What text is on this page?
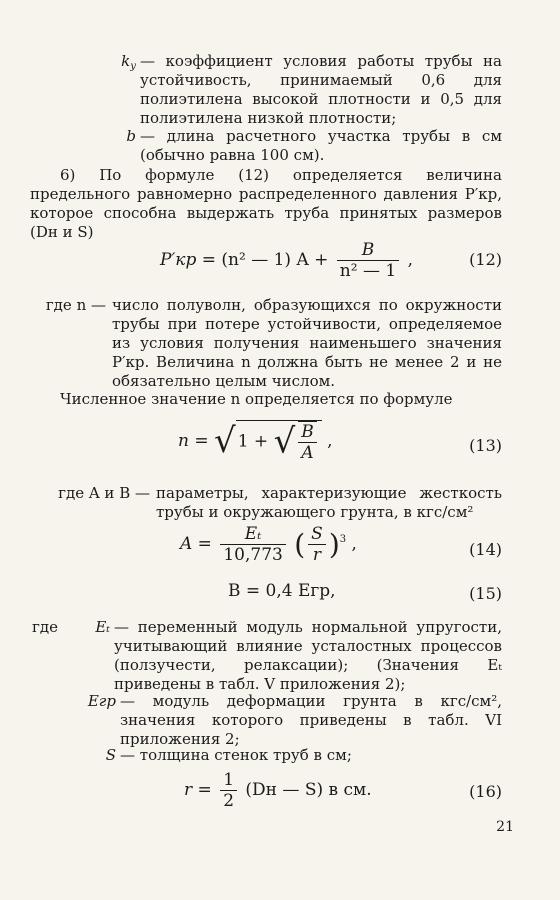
$k_у$ — коэффициент условия работы трубы на устойчивость, принимаемый 0,6 для полиэтилена высокой плотности и 0,5 для полиэтилена низкой плотности;
b — длина расчетного участка трубы в см (обычно равна 100 см).
6) По формуле (12) определяется величина предельного равномерно распределенного давления P′кр, которое способна выдержать труба принятых размеров (Dн и S)
P′кр = (n² — 1) $A + \frac{B}{\text{n² — 1}}$ ,	(12)
где n — число полуволн, образующихся по окружности трубы при потере устойчивости, определяемое из условия получения наименьшего значения P′кр. Величина n должна быть не менее 2 и не обязательно целым числом.
Численное значение n определяется по формуле
n = √ 1 + √ $\frac{B}{A}$ ,	(13)
где A и B — параметры, характеризующие жесткость трубы и окружающего грунта, в кгс/см²
$A = \frac{\text{Eₜ}}{10,773}$ ( $\frac{S}{r} )^3$ ,	(14)
B = 0,4 Eгр,	(15)
где	Eₜ — переменный модуль нормальной упругости, учитывающий влияние усталостных процессов (ползучести, релаксации); (Значения Eₜ приведены в табл. V приложения 2);
Eгр — модуль деформации грунта в кгс/см², значения которого приведены в табл. VI приложения 2;
S — толщина стенок труб в см;
$r = \frac{1}{2} (Dн$ — S) в см.	(16)
21
